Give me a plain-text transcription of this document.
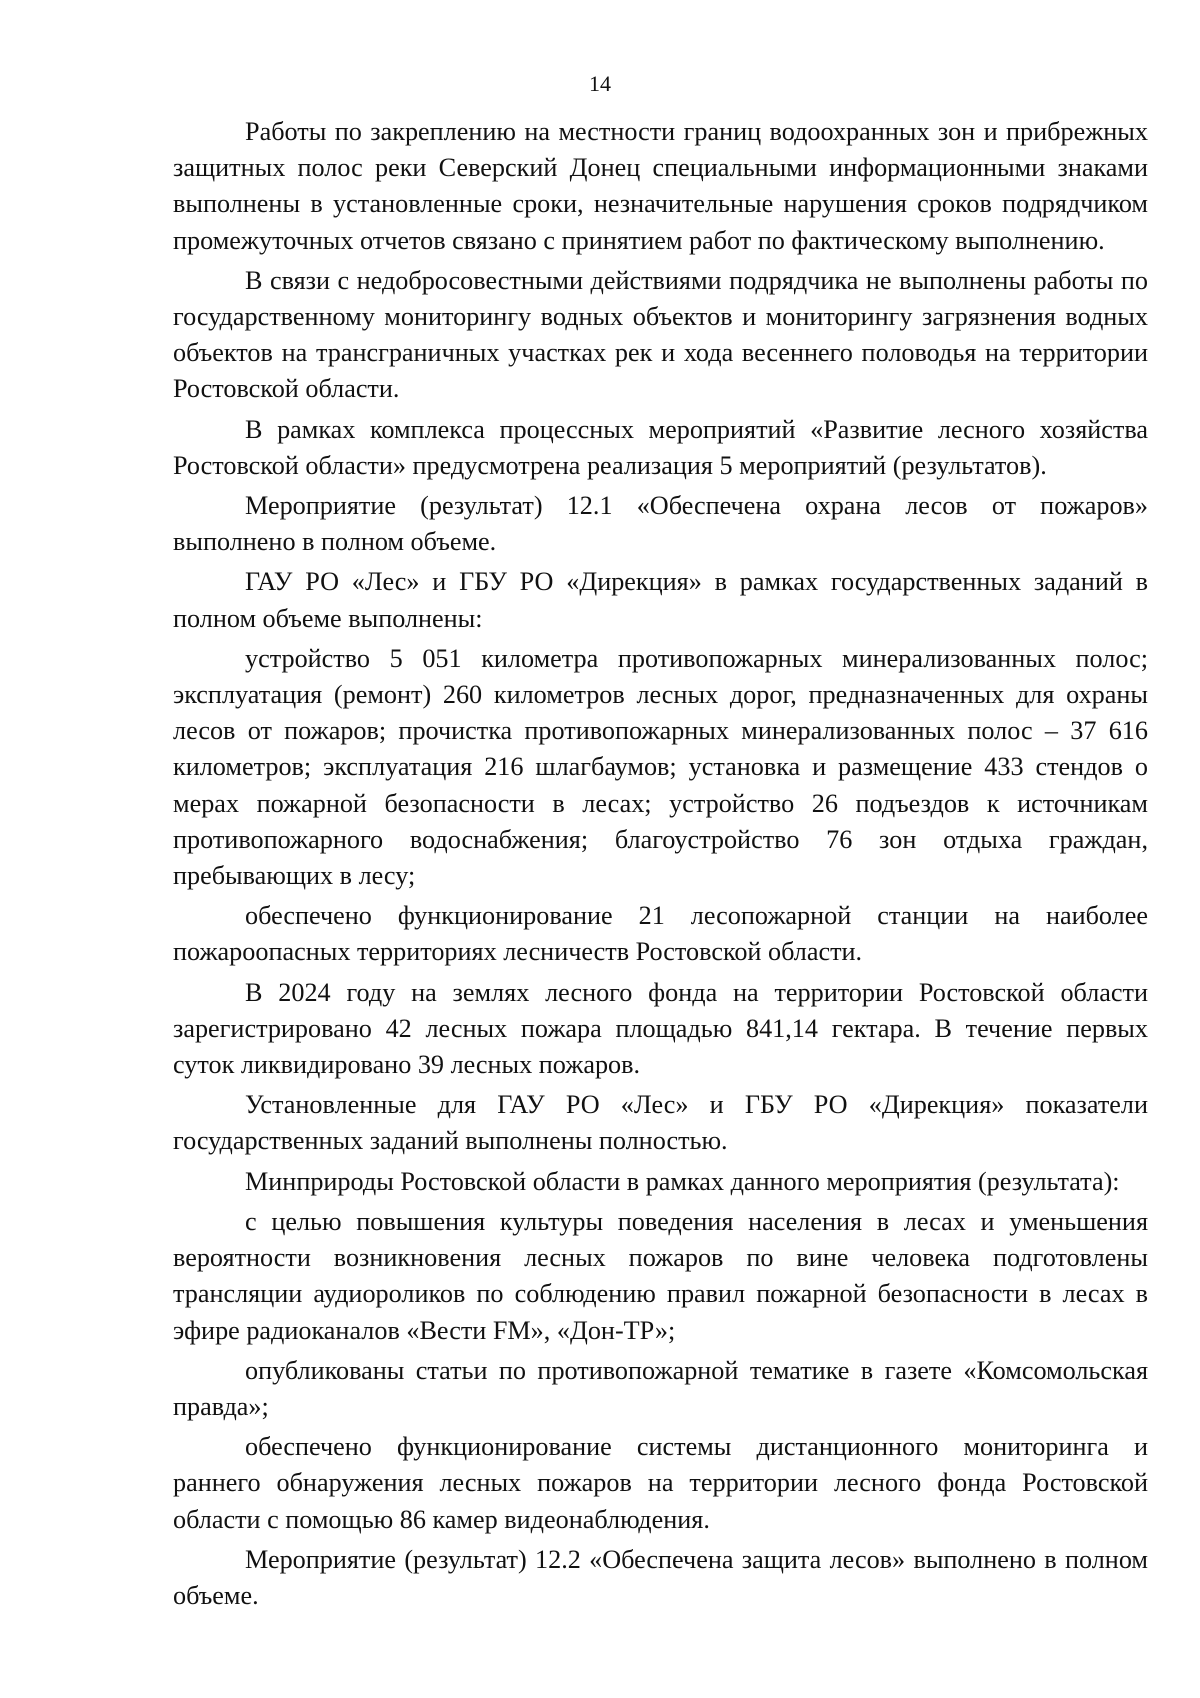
14

Работы по закреплению на местности границ водоохранных зон и прибрежных защитных полос реки Северский Донец специальными информационными знаками выполнены в установленные сроки, незначительные нарушения сроков подрядчиком промежуточных отчетов связано с принятием работ по фактическому выполнению.

В связи с недобросовестными действиями подрядчика не выполнены работы по государственному мониторингу водных объектов и мониторингу загрязнения водных объектов на трансграничных участках рек и хода весеннего половодья на территории Ростовской области.

В рамках комплекса процессных мероприятий «Развитие лесного хозяйства Ростовской области» предусмотрена реализация 5 мероприятий (результатов).

Мероприятие (результат) 12.1 «Обеспечена охрана лесов от пожаров» выполнено в полном объеме.

ГАУ РО «Лес» и ГБУ РО «Дирекция» в рамках государственных заданий в полном объеме выполнены:

устройство 5 051 километра противопожарных минерализованных полос; эксплуатация (ремонт) 260 километров лесных дорог, предназначенных для охраны лесов от пожаров; прочистка противопожарных минерализованных полос – 37 616 километров; эксплуатация 216 шлагбаумов; установка и размещение 433 стендов о мерах пожарной безопасности в лесах; устройство 26 подъездов к источникам противопожарного водоснабжения; благоустройство 76 зон отдыха граждан, пребывающих в лесу;

обеспечено функционирование 21 лесопожарной станции на наиболее пожароопасных территориях лесничеств Ростовской области.

В 2024 году на землях лесного фонда на территории Ростовской области зарегистрировано 42 лесных пожара площадью 841,14 гектара. В течение первых суток ликвидировано 39 лесных пожаров.

Установленные для ГАУ РО «Лес» и ГБУ РО «Дирекция» показатели государственных заданий выполнены полностью.

Минприроды Ростовской области в рамках данного мероприятия (результата):

с целью повышения культуры поведения населения в лесах и уменьшения вероятности возникновения лесных пожаров по вине человека подготовлены трансляции аудиороликов по соблюдению правил пожарной безопасности в лесах в эфире радиоканалов «Вести FM», «Дон-ТР»;

опубликованы статьи по противопожарной тематике в газете «Комсомольская правда»;

обеспечено функционирование системы дистанционного мониторинга и раннего обнаружения лесных пожаров на территории лесного фонда Ростовской области с помощью 86 камер видеонаблюдения.

Мероприятие (результат) 12.2 «Обеспечена защита лесов» выполнено в полном объеме.
